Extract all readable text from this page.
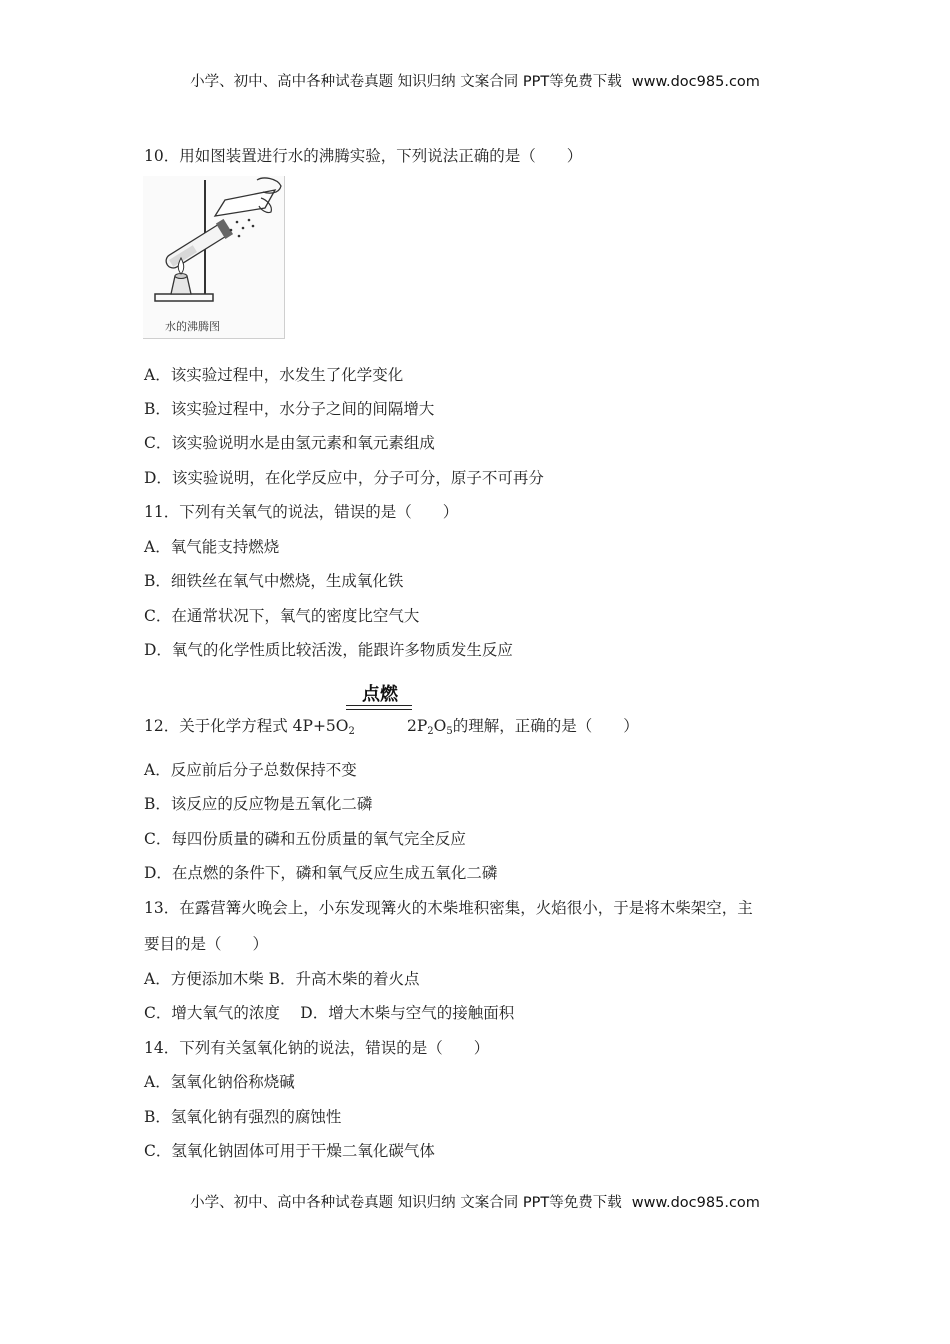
小学、初中、高中各种试卷真题 知识归纳 文案合同 PPT等免费下载 www.doc985.com
10．用如图装置进行水的沸腾实验，下列说法正确的是（　　）
水的沸腾图
A．该实验过程中，水发生了化学变化
B．该实验过程中，水分子之间的间隔增大
C．该实验说明水是由氢元素和氧元素组成
D．该实验说明，在化学反应中，分子可分，原子不可再分
11．下列有关氧气的说法，错误的是（　　）
A．氧气能支持燃烧
B．细铁丝在氧气中燃烧，生成氧化铁
C．在通常状况下，氧气的密度比空气大
D．氧气的化学性质比较活泼，能跟许多物质发生反应
点燃
12．关于化学方程式 $4P+5O_2$	$2P_2O_5$的理解，正确的是（　　）
A．反应前后分子总数保持不变
B．该反应的反应物是五氧化二磷
C．每四份质量的磷和五份质量的氧气完全反应
D．在点燃的条件下，磷和氧气反应生成五氧化二磷
13．在露营篝火晚会上，小东发现篝火的木柴堆积密集，火焰很小，于是将木柴架空，主
要目的是（　　）
A．方便添加木柴 B．升高木柴的着火点
C．增大氧气的浓度　 D．增大木柴与空气的接触面积
14．下列有关氢氧化钠的说法，错误的是（　　）
A．氢氧化钠俗称烧碱
B．氢氧化钠有强烈的腐蚀性
C．氢氧化钠固体可用于干燥二氧化碳气体
小学、初中、高中各种试卷真题 知识归纳 文案合同 PPT等免费下载 www.doc985.com
